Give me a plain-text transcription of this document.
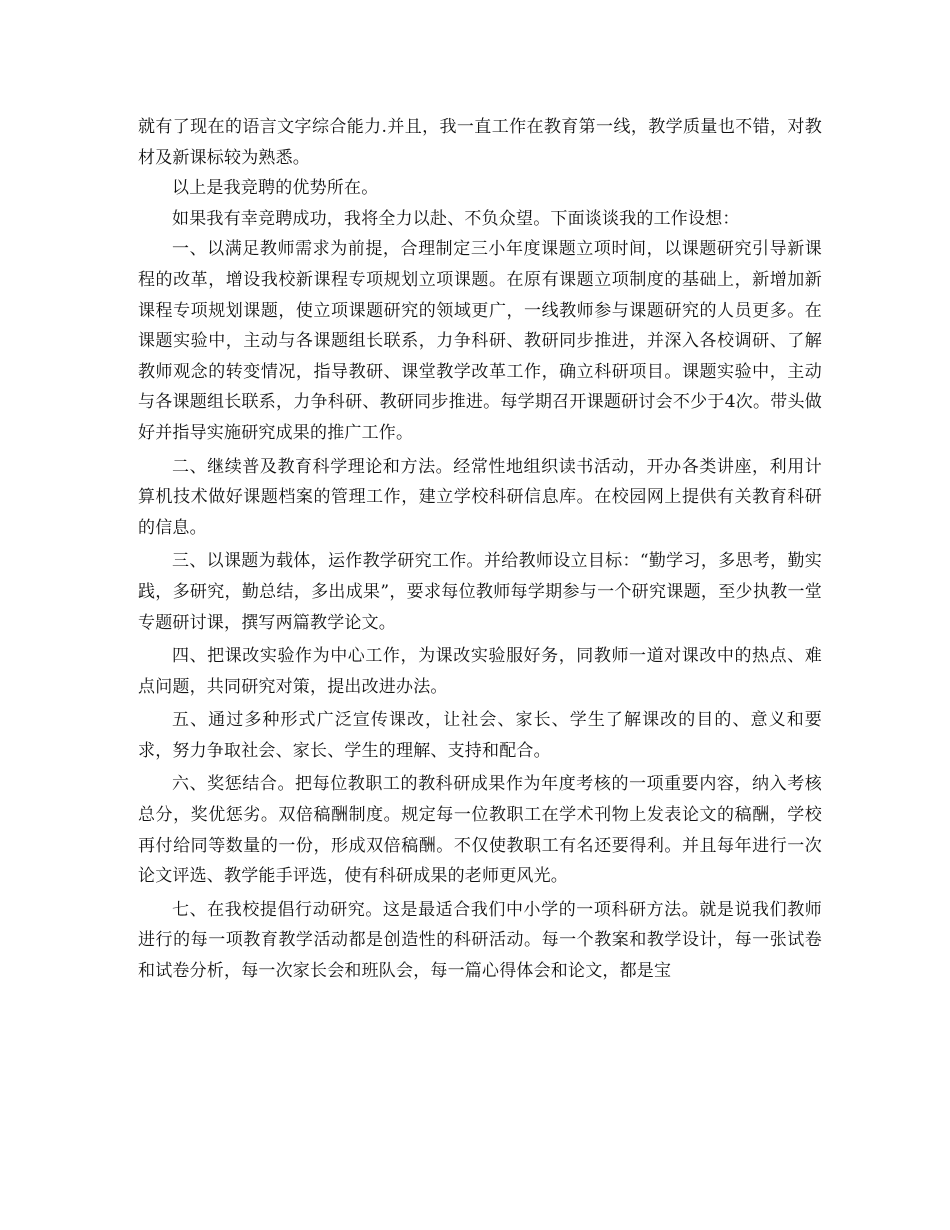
就有了现在的语言文字综合能力.并且，我一直工作在教育第一线，教学质量也不错，对教材及新课标较为熟悉。

以上是我竞聘的优势所在。

如果我有幸竞聘成功，我将全力以赴、不负众望。下面谈谈我的工作设想：

一、以满足教师需求为前提，合理制定三小年度课题立项时间，以课题研究引导新课程的改革，增设我校新课程专项规划立项课题。在原有课题立项制度的基础上，新增加新课程专项规划课题，使立项课题研究的领域更广，一线教师参与课题研究的人员更多。在课题实验中，主动与各课题组长联系，力争科研、教研同步推进，并深入各校调研、了解教师观念的转变情况，指导教研、课堂教学改革工作，确立科研项目。课题实验中，主动与各课题组长联系，力争科研、教研同步推进。每学期召开课题研讨会不少于4次。带头做好并指导实施研究成果的推广工作。

二、继续普及教育科学理论和方法。经常性地组织读书活动，开办各类讲座，利用计算机技术做好课题档案的管理工作，建立学校科研信息库。在校园网上提供有关教育科研的信息。

三、以课题为载体，运作教学研究工作。并给教师设立目标：“勤学习，多思考，勤实践，多研究，勤总结，多出成果”，要求每位教师每学期参与一个研究课题，至少执教一堂专题研讨课，撰写两篇教学论文。

四、把课改实验作为中心工作，为课改实验服好务，同教师一道对课改中的热点、难点问题，共同研究对策，提出改进办法。

五、通过多种形式广泛宣传课改，让社会、家长、学生了解课改的目的、意义和要求，努力争取社会、家长、学生的理解、支持和配合。

六、奖惩结合。把每位教职工的教科研成果作为年度考核的一项重要内容，纳入考核总分，奖优惩劣。双倍稿酬制度。规定每一位教职工在学术刊物上发表论文的稿酬，学校再付给同等数量的一份，形成双倍稿酬。不仅使教职工有名还要得利。并且每年进行一次论文评选、教学能手评选，使有科研成果的老师更风光。

七、在我校提倡行动研究。这是最适合我们中小学的一项科研方法。就是说我们教师进行的每一项教育教学活动都是创造性的科研活动。每一个教案和教学设计，每一张试卷和试卷分析，每一次家长会和班队会，每一篇心得体会和论文，都是宝
